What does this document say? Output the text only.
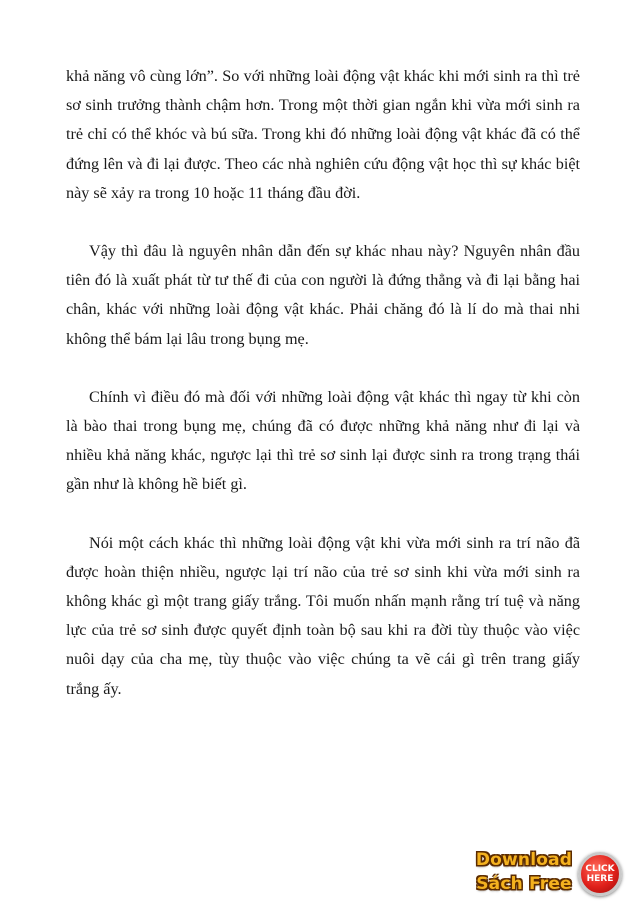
khả năng vô cùng lớn”. So với những loài động vật khác khi mới sinh ra thì trẻ sơ sinh trưởng thành chậm hơn. Trong một thời gian ngắn khi vừa mới sinh ra trẻ chỉ có thể khóc và bú sữa. Trong khi đó những loài động vật khác đã có thể đứng lên và đi lại được. Theo các nhà nghiên cứu động vật học thì sự khác biệt này sẽ xảy ra trong 10 hoặc 11 tháng đầu đời.

Vậy thì đâu là nguyên nhân dẫn đến sự khác nhau này? Nguyên nhân đầu tiên đó là xuất phát từ tư thế đi của con người là đứng thẳng và đi lại bằng hai chân, khác với những loài động vật khác. Phải chăng đó là lí do mà thai nhi không thể bám lại lâu trong bụng mẹ.

Chính vì điều đó mà đối với những loài động vật khác thì ngay từ khi còn là bào thai trong bụng mẹ, chúng đã có được những khả năng như đi lại và nhiều khả năng khác, ngược lại thì trẻ sơ sinh lại được sinh ra trong trạng thái gần như là không hề biết gì.

Nói một cách khác thì những loài động vật khi vừa mới sinh ra trí não đã được hoàn thiện nhiều, ngược lại trí não của trẻ sơ sinh khi vừa mới sinh ra không khác gì một trang giấy trắng. Tôi muốn nhấn mạnh rằng trí tuệ và năng lực của trẻ sơ sinh được quyết định toàn bộ sau khi ra đời tùy thuộc vào việc nuôi dạy của cha mẹ, tùy thuộc vào việc chúng ta vẽ cái gì trên trang giấy trắng ấy.

Download
Sách Free
CLICK
HERE
